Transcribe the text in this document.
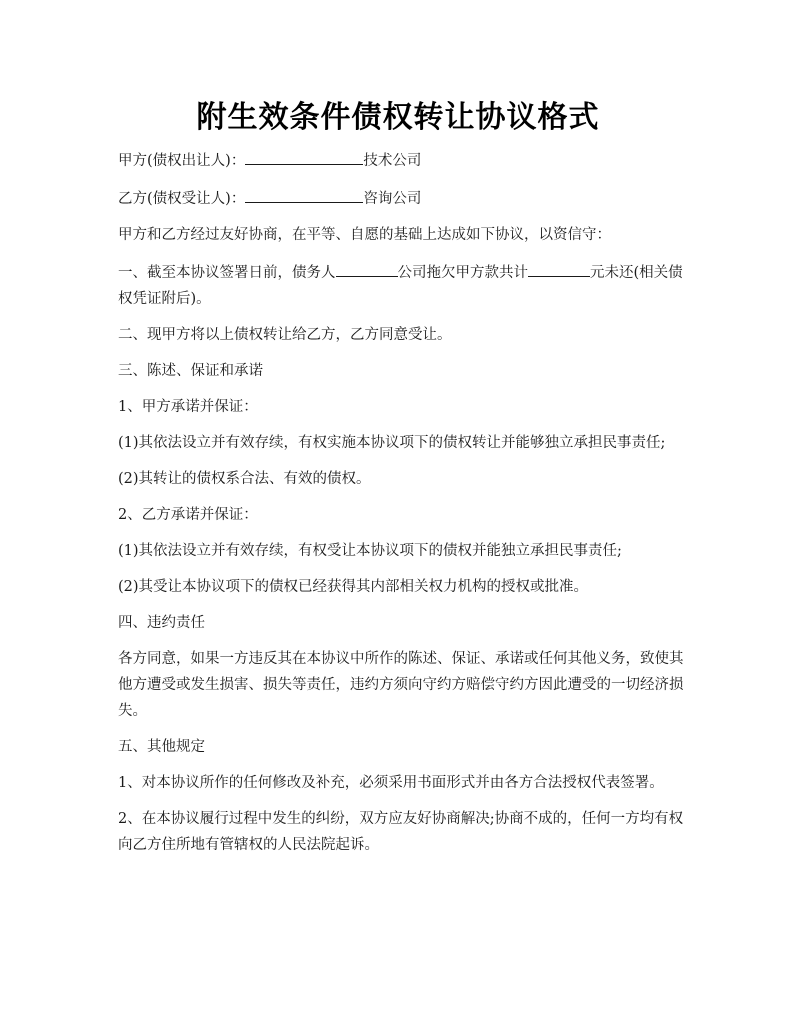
附生效条件债权转让协议格式

甲方(债权出让人)：	技术公司

乙方(债权受让人)：	咨询公司

甲方和乙方经过友好协商，在平等、自愿的基础上达成如下协议，以资信守：

一、截至本协议签署日前，债务人	公司拖欠甲方款共计	元未还(相关债权凭证附后)。

二、现甲方将以上债权转让给乙方，乙方同意受让。

三、陈述、保证和承诺

1、甲方承诺并保证：

(1)其依法设立并有效存续，有权实施本协议项下的债权转让并能够独立承担民事责任;

(2)其转让的债权系合法、有效的债权。

2、乙方承诺并保证：

(1)其依法设立并有效存续，有权受让本协议项下的债权并能独立承担民事责任;

(2)其受让本协议项下的债权已经获得其内部相关权力机构的授权或批准。

四、违约责任

各方同意，如果一方违反其在本协议中所作的陈述、保证、承诺或任何其他义务，致使其他方遭受或发生损害、损失等责任，违约方须向守约方赔偿守约方因此遭受的一切经济损失。

五、其他规定

1、对本协议所作的任何修改及补充，必须采用书面形式并由各方合法授权代表签署。

2、在本协议履行过程中发生的纠纷，双方应友好协商解决;协商不成的，任何一方均有权向乙方住所地有管辖权的人民法院起诉。
